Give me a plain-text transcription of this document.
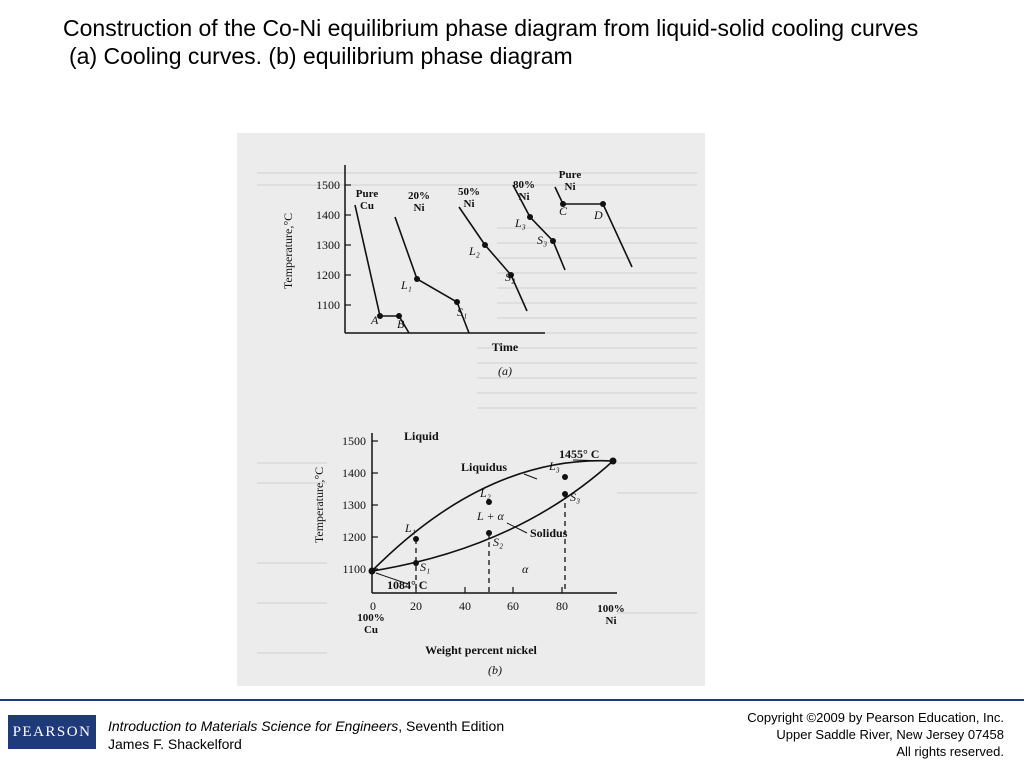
Construction of the Co-Ni equilibrium phase diagram from liquid-solid cooling curves
(a) Cooling curves. (b) equilibrium phase diagram
1500
1400
1300
1200
1100
Temperature,°C
Time
(a)
Pure
Cu
20%
Ni
50%
Ni
80%
Ni
Pure
Ni
A B
L₁
S₁
L₂
S₂
L₃
S₃
C D
1500
1400
1300
1200
1100
0	20	40	60	80	100%
Ni
100%
Cu
Temperature,°C
Weight percent nickel
(b)
Liquid
Liquidus
Solidus
L + α
α
1455° C
1084° C
L₁
L₂
L₃
S₁
S₂
S₃
PEARSON Introduction to Materials Science for Engineers, Seventh Edition
James F. Shackelford
Copyright ©2009 by Pearson Education, Inc.
Upper Saddle River, New Jersey 07458
All rights reserved.
